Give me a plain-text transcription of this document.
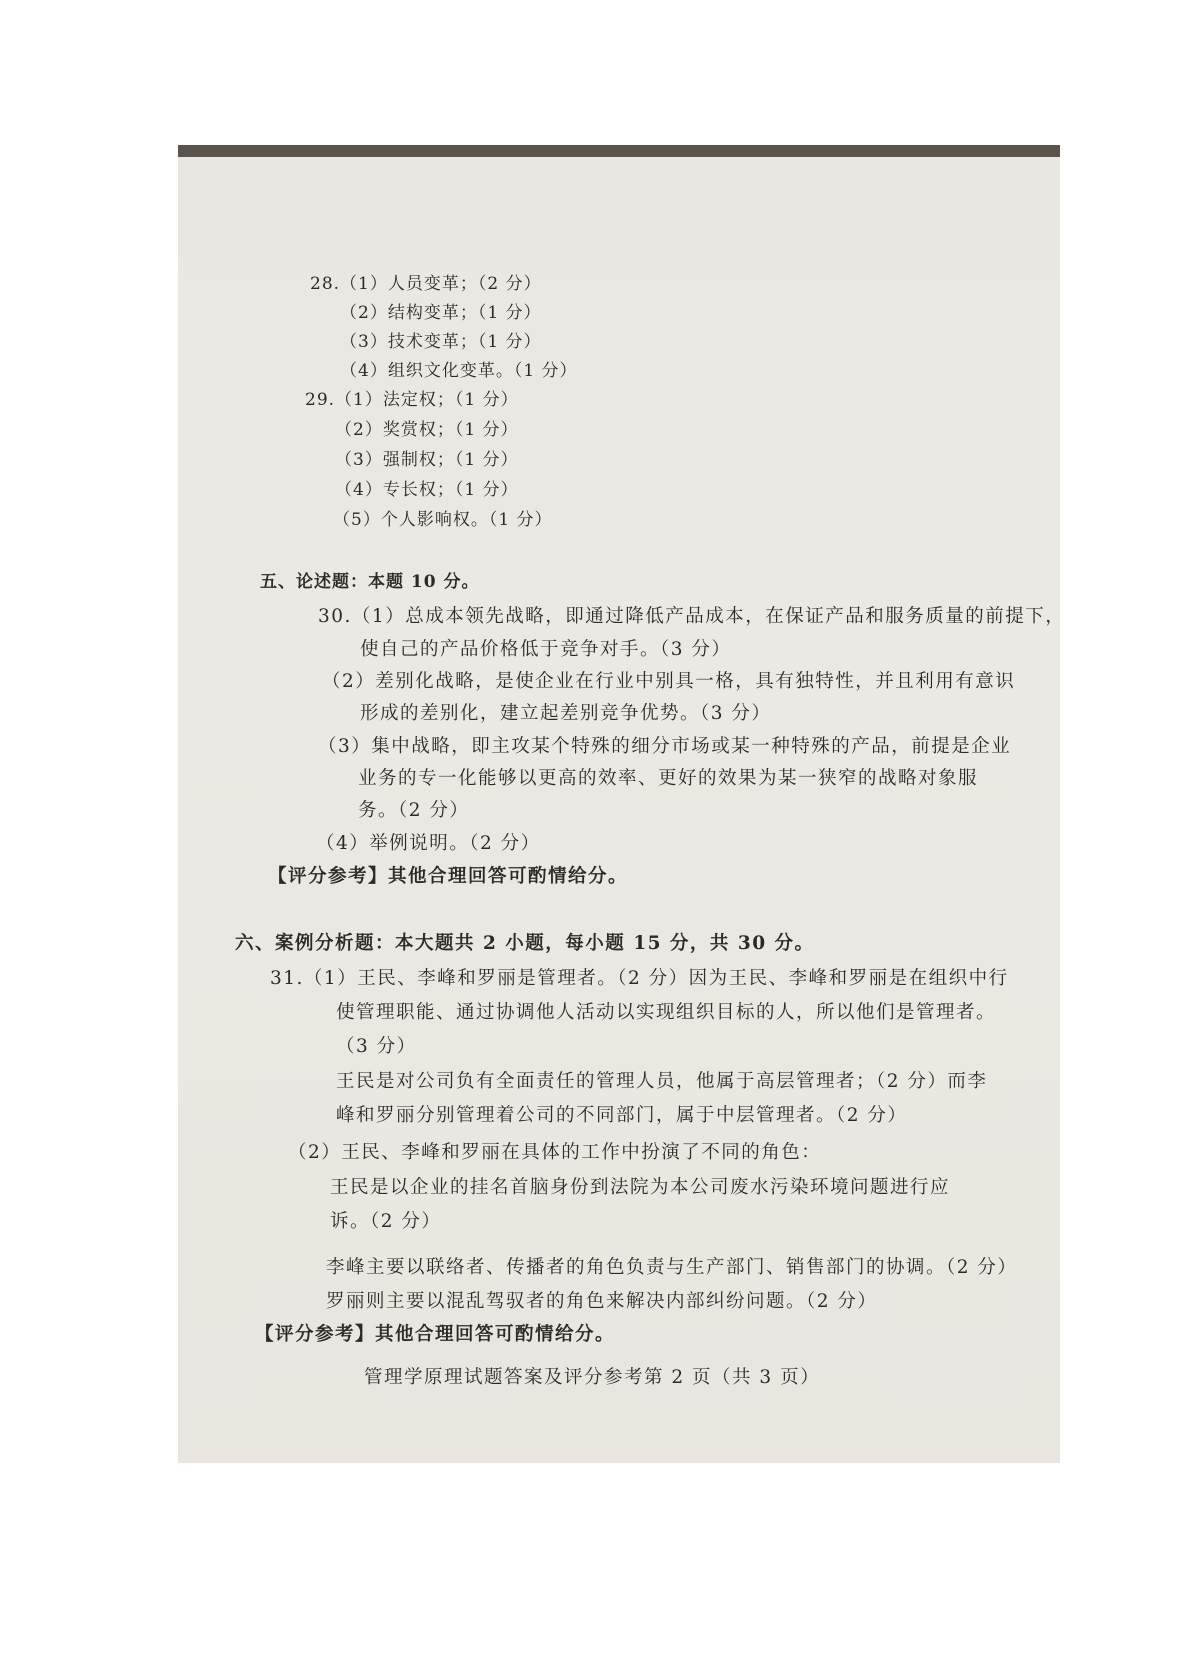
28.（1）人员变革；（2 分）
（2）结构变革；（1 分）
（3）技术变革；（1 分）
（4）组织文化变革。（1 分）
29.（1）法定权；（1 分）
（2）奖赏权；（1 分）
（3）强制权；（1 分）
（4）专长权；（1 分）
（5）个人影响权。（1 分）
五、论述题：本题 10 分。
30.（1）总成本领先战略，即通过降低产品成本，在保证产品和服务质量的前提下，
使自己的产品价格低于竞争对手。（3 分）
（2）差别化战略，是使企业在行业中别具一格，具有独特性，并且利用有意识
形成的差别化，建立起差别竞争优势。（3 分）
（3）集中战略，即主攻某个特殊的细分市场或某一种特殊的产品，前提是企业
业务的专一化能够以更高的效率、更好的效果为某一狭窄的战略对象服
务。（2 分）
（4）举例说明。（2 分）
【评分参考】其他合理回答可酌情给分。
六、案例分析题：本大题共 2 小题，每小题 15 分，共 30 分。
31.（1）王民、李峰和罗丽是管理者。（2 分）因为王民、李峰和罗丽是在组织中行
使管理职能、通过协调他人活动以实现组织目标的人，所以他们是管理者。
（3 分）
王民是对公司负有全面责任的管理人员，他属于高层管理者；（2 分）而李
峰和罗丽分别管理着公司的不同部门，属于中层管理者。（2 分）
（2）王民、李峰和罗丽在具体的工作中扮演了不同的角色：
王民是以企业的挂名首脑身份到法院为本公司废水污染环境问题进行应
诉。（2 分）
李峰主要以联络者、传播者的角色负责与生产部门、销售部门的协调。（2 分）
罗丽则主要以混乱驾驭者的角色来解决内部纠纷问题。（2 分）
【评分参考】其他合理回答可酌情给分。
管理学原理试题答案及评分参考第 2 页（共 3 页）
